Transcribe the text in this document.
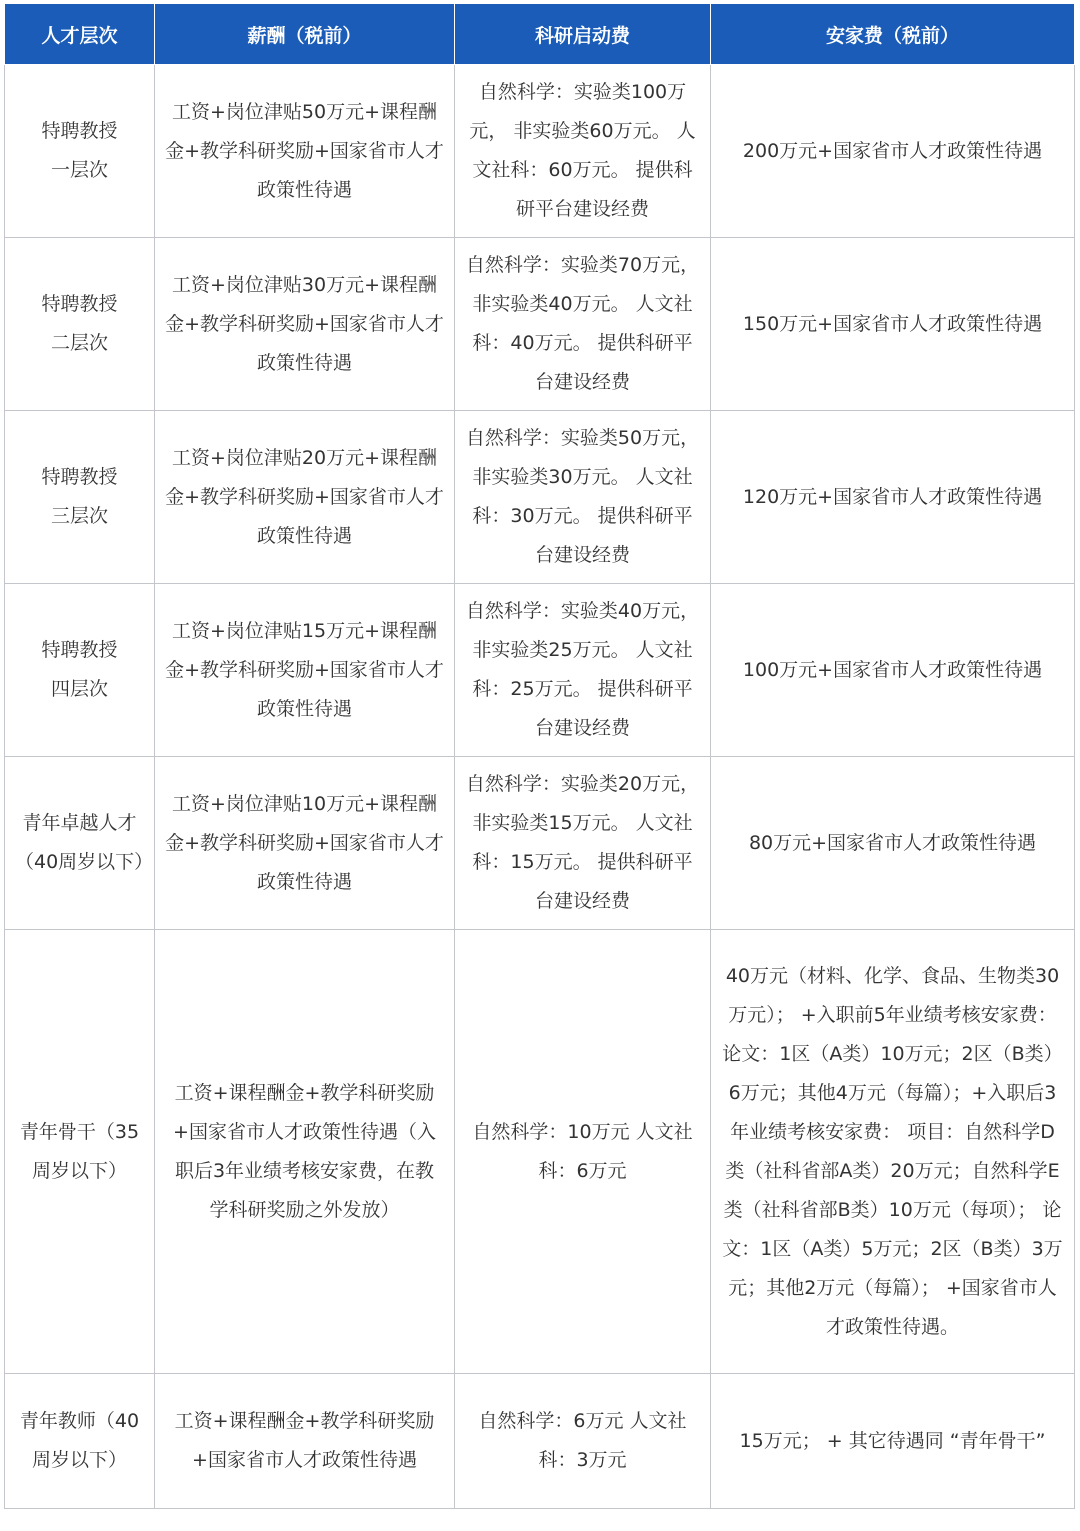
人才层次	薪酬（税前）	科研启动费	安家费（税前）
特聘教授一层次	工资+岗位津贴50万元+课程酬金+教学科研奖励+国家省市人才政策性待遇	自然科学：实验类100万元， 非实验类60万元。 人文社科：60万元。 提供科研平台建设经费	200万元+国家省市人才政策性待遇
特聘教授二层次	工资+岗位津贴30万元+课程酬金+教学科研奖励+国家省市人才政策性待遇	自然科学：实验类70万元， 非实验类40万元。 人文社科：40万元。 提供科研平台建设经费	150万元+国家省市人才政策性待遇
特聘教授三层次	工资+岗位津贴20万元+课程酬金+教学科研奖励+国家省市人才政策性待遇	自然科学：实验类50万元， 非实验类30万元。 人文社科：30万元。 提供科研平台建设经费	120万元+国家省市人才政策性待遇
特聘教授四层次	工资+岗位津贴15万元+课程酬金+教学科研奖励+国家省市人才政策性待遇	自然科学：实验类40万元， 非实验类25万元。 人文社科：25万元。 提供科研平台建设经费	100万元+国家省市人才政策性待遇
青年卓越人才（40周岁以下）	工资+岗位津贴10万元+课程酬金+教学科研奖励+国家省市人才政策性待遇	自然科学：实验类20万元， 非实验类15万元。 人文社科：15万元。 提供科研平台建设经费	80万元+国家省市人才政策性待遇
青年骨干（35周岁以下）	工资+课程酬金+教学科研奖励+国家省市人才政策性待遇（入职后3年业绩考核安家费，在教学科研奖励之外发放）	自然科学：10万元 人文社科：6万元	40万元（材料、化学、食品、生物类30万元）； +入职前5年业绩考核安家费： 论文：1区（A类）10万元；2区（B类）6万元；其他4万元（每篇）；+入职后3年业绩考核安家费： 项目：自然科学D类（社科省部A类）20万元；自然科学E类（社科省部B类）10万元（每项）； 论文：1区（A类）5万元；2区（B类）3万元；其他2万元（每篇）； +国家省市人才政策性待遇。
青年教师（40周岁以下）	工资+课程酬金+教学科研奖励+国家省市人才政策性待遇	自然科学：6万元 人文社科：3万元	15万元； + 其它待遇同 “青年骨干”
